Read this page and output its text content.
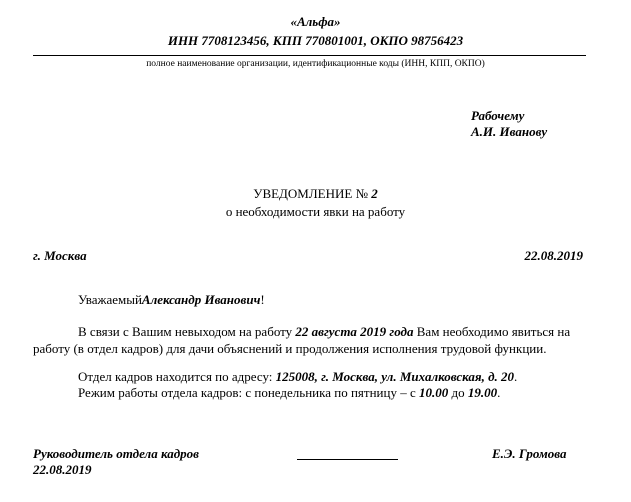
«Альфа»
ИНН 7708123456, КПП 770801001, ОКПО 98756423
полное наименование организации, идентификационные коды (ИНН, КПП, ОКПО)
Рабочему
А.И. Иванову
УВЕДОМЛЕНИЕ № 2
о необходимости явки на работу
г. Москва	22.08.2019
УважаемыйАлександр Иванович!
В связи с Вашим невыходом на работу 22 августа 2019 года Вам необходимо явиться на
работу (в отдел кадров) для дачи объяснений и продолжения исполнения трудовой функции.
Отдел кадров находится по адресу: 125008, г. Москва, ул. Михалковская, д. 20.
Режим работы отдела кадров: с понедельника по пятницу – с 10.00 до 19.00.
Руководитель отдела кадров	Е.Э. Громова
22.08.2019
